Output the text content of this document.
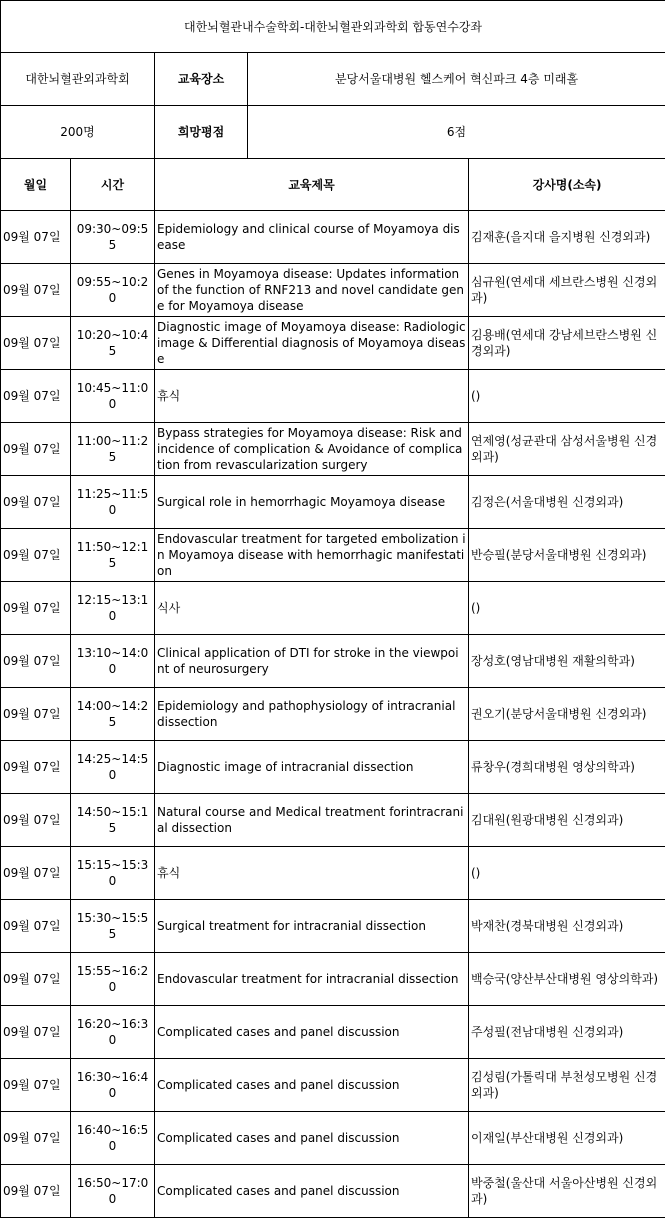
대한뇌혈관내수술학회-대한뇌혈관외과학회 합동연수강좌				
대한뇌혈관외과학회		교육장소	분당서울대병원 헬스케어 혁신파크 4층 미래홀	
200명		희망평점	6점	
월일	시간	교육제목		강사명(소속)
09월 07일	09:30~09:55	Epidemiology and clinical course of Moyamoya disease		김재훈(을지대 을지병원 신경외과)
09월 07일	09:55~10:20	Genes in Moyamoya disease: Updates information of the function of RNF213 and novel candidate gene for Moyamoya disease		심규원(연세대 세브란스병원 신경외과)
09월 07일	10:20~10:45	Diagnostic image of Moyamoya disease: Radiologic image & Differential diagnosis of Moyamoya disease		김용배(연세대 강남세브란스병원 신경외과)
09월 07일	10:45~11:00	휴식		()
09월 07일	11:00~11:25	Bypass strategies for Moyamoya disease: Risk and incidence of complication & Avoidance of complication from revascularization surgery		연제영(성균관대 삼성서울병원 신경외과)
09월 07일	11:25~11:50	Surgical role in hemorrhagic Moyamoya disease		김정은(서울대병원 신경외과)
09월 07일	11:50~12:15	Endovascular treatment for targeted embolization in Moyamoya disease with hemorrhagic manifestation		반승필(분당서울대병원 신경외과)
09월 07일	12:15~13:10	식사		()
09월 07일	13:10~14:00	Clinical application of DTI for stroke in the viewpoint of neurosurgery		장성호(영남대병원 재활의학과)
09월 07일	14:00~14:25	Epidemiology and pathophysiology of intracranial dissection		권오기(분당서울대병원 신경외과)
09월 07일	14:25~14:50	Diagnostic image of intracranial dissection		류창우(경희대병원 영상의학과)
09월 07일	14:50~15:15	Natural course and Medical treatment forintracranial dissection		김대원(원광대병원 신경외과)
09월 07일	15:15~15:30	휴식		()
09월 07일	15:30~15:55	Surgical treatment for intracranial dissection		박재찬(경북대병원 신경외과)
09월 07일	15:55~16:20	Endovascular treatment for intracranial dissection		백승국(양산부산대병원 영상의학과)
09월 07일	16:20~16:30	Complicated cases and panel discussion		주성필(전남대병원 신경외과)
09월 07일	16:30~16:40	Complicated cases and panel discussion		김성림(가톨릭대 부천성모병원 신경외과)
09월 07일	16:40~16:50	Complicated cases and panel discussion		이재일(부산대병원 신경외과)
09월 07일	16:50~17:00	Complicated cases and panel discussion		박중철(울산대 서울아산병원 신경외과)
